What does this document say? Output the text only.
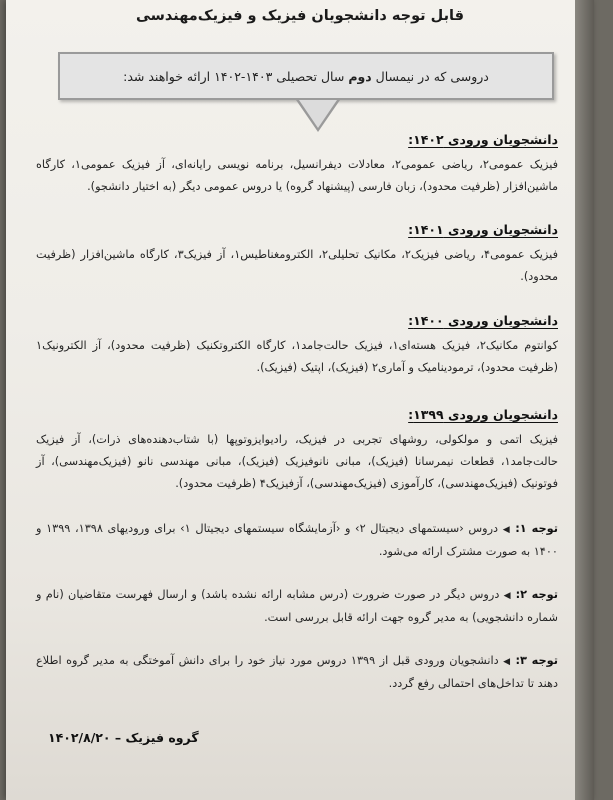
قابل توجه دانشجویان فیزیک و فیزیک‌مهندسی
دروسی که در نیمسال دوم سال تحصیلی ۱۴۰۳-۱۴۰۲ ارائه خواهند شد:
دانشجویان ورودی ۱۴۰۲:
فیزیک عمومی۲، ریاضی عمومی۲، معادلات دیفرانسیل، برنامه نویسی رایانه‌ای، آز فیزیک عمومی۱، کارگاه ماشین‌افزار (ظرفیت محدود)، زبان فارسی (پیشنهاد گروه) یا دروس عمومی دیگر (به اختیار دانشجو).
دانشجویان ورودی ۱۴۰۱:
فیزیک عمومی۴، ریاضی فیزیک۲، مکانیک تحلیلی۲، الکترومغناطیس۱، آز فیزیک۳، کارگاه ماشین‌افزار (ظرفیت محدود).
دانشجویان ورودی ۱۴۰۰:
کوانتوم مکانیک۲، فیزیک هسته‌ای۱، فیزیک حالت‌جامد۱، کارگاه الکتروتکنیک (ظرفیت محدود)، آز الکترونیک۱ (ظرفیت محدود)، ترمودینامیک و آماری۲ (فیزیک)، اپتیک (فیزیک).
دانشجویان ورودی ۱۳۹۹:
فیزیک اتمی و مولکولی، روشهای تجربی در فیزیک، رادیوایزوتوپها (با شتاب‌دهنده‌های ذرات)، آز فیزیک حالت‌جامد۱، قطعات نیمرسانا (فیزیک)، مبانی نانوفیزیک (فیزیک)، مبانی مهندسی نانو (فیزیک‌مهندسی)، آز فوتونیک (فیزیک‌مهندسی)، کارآموزی (فیزیک‌مهندسی)، آزفیزیک۴ (ظرفیت محدود).
توجه ۱: ◀ دروس ‹سیستمهای دیجیتال ۲› و ‹آزمایشگاه سیستمهای دیجیتال ۱› برای ورودیهای ۱۳۹۸، ۱۳۹۹ و ۱۴۰۰ به صورت مشترک ارائه می‌شود.
توجه ۲: ◀ دروس دیگر در صورت ضرورت (درس مشابه ارائه نشده باشد) و ارسال فهرست متقاضیان (نام و شماره دانشجویی) به مدیر گروه جهت ارائه قابل بررسی است.
توجه ۳: ◀ دانشجویان ورودی قبل از ۱۳۹۹ دروس مورد نیاز خود را برای دانش آموختگی به مدیر گروه اطلاع دهند تا تداخل‌های احتمالی رفع گردد.
گروه فیزیک – ۱۴۰۲/۸/۲۰
